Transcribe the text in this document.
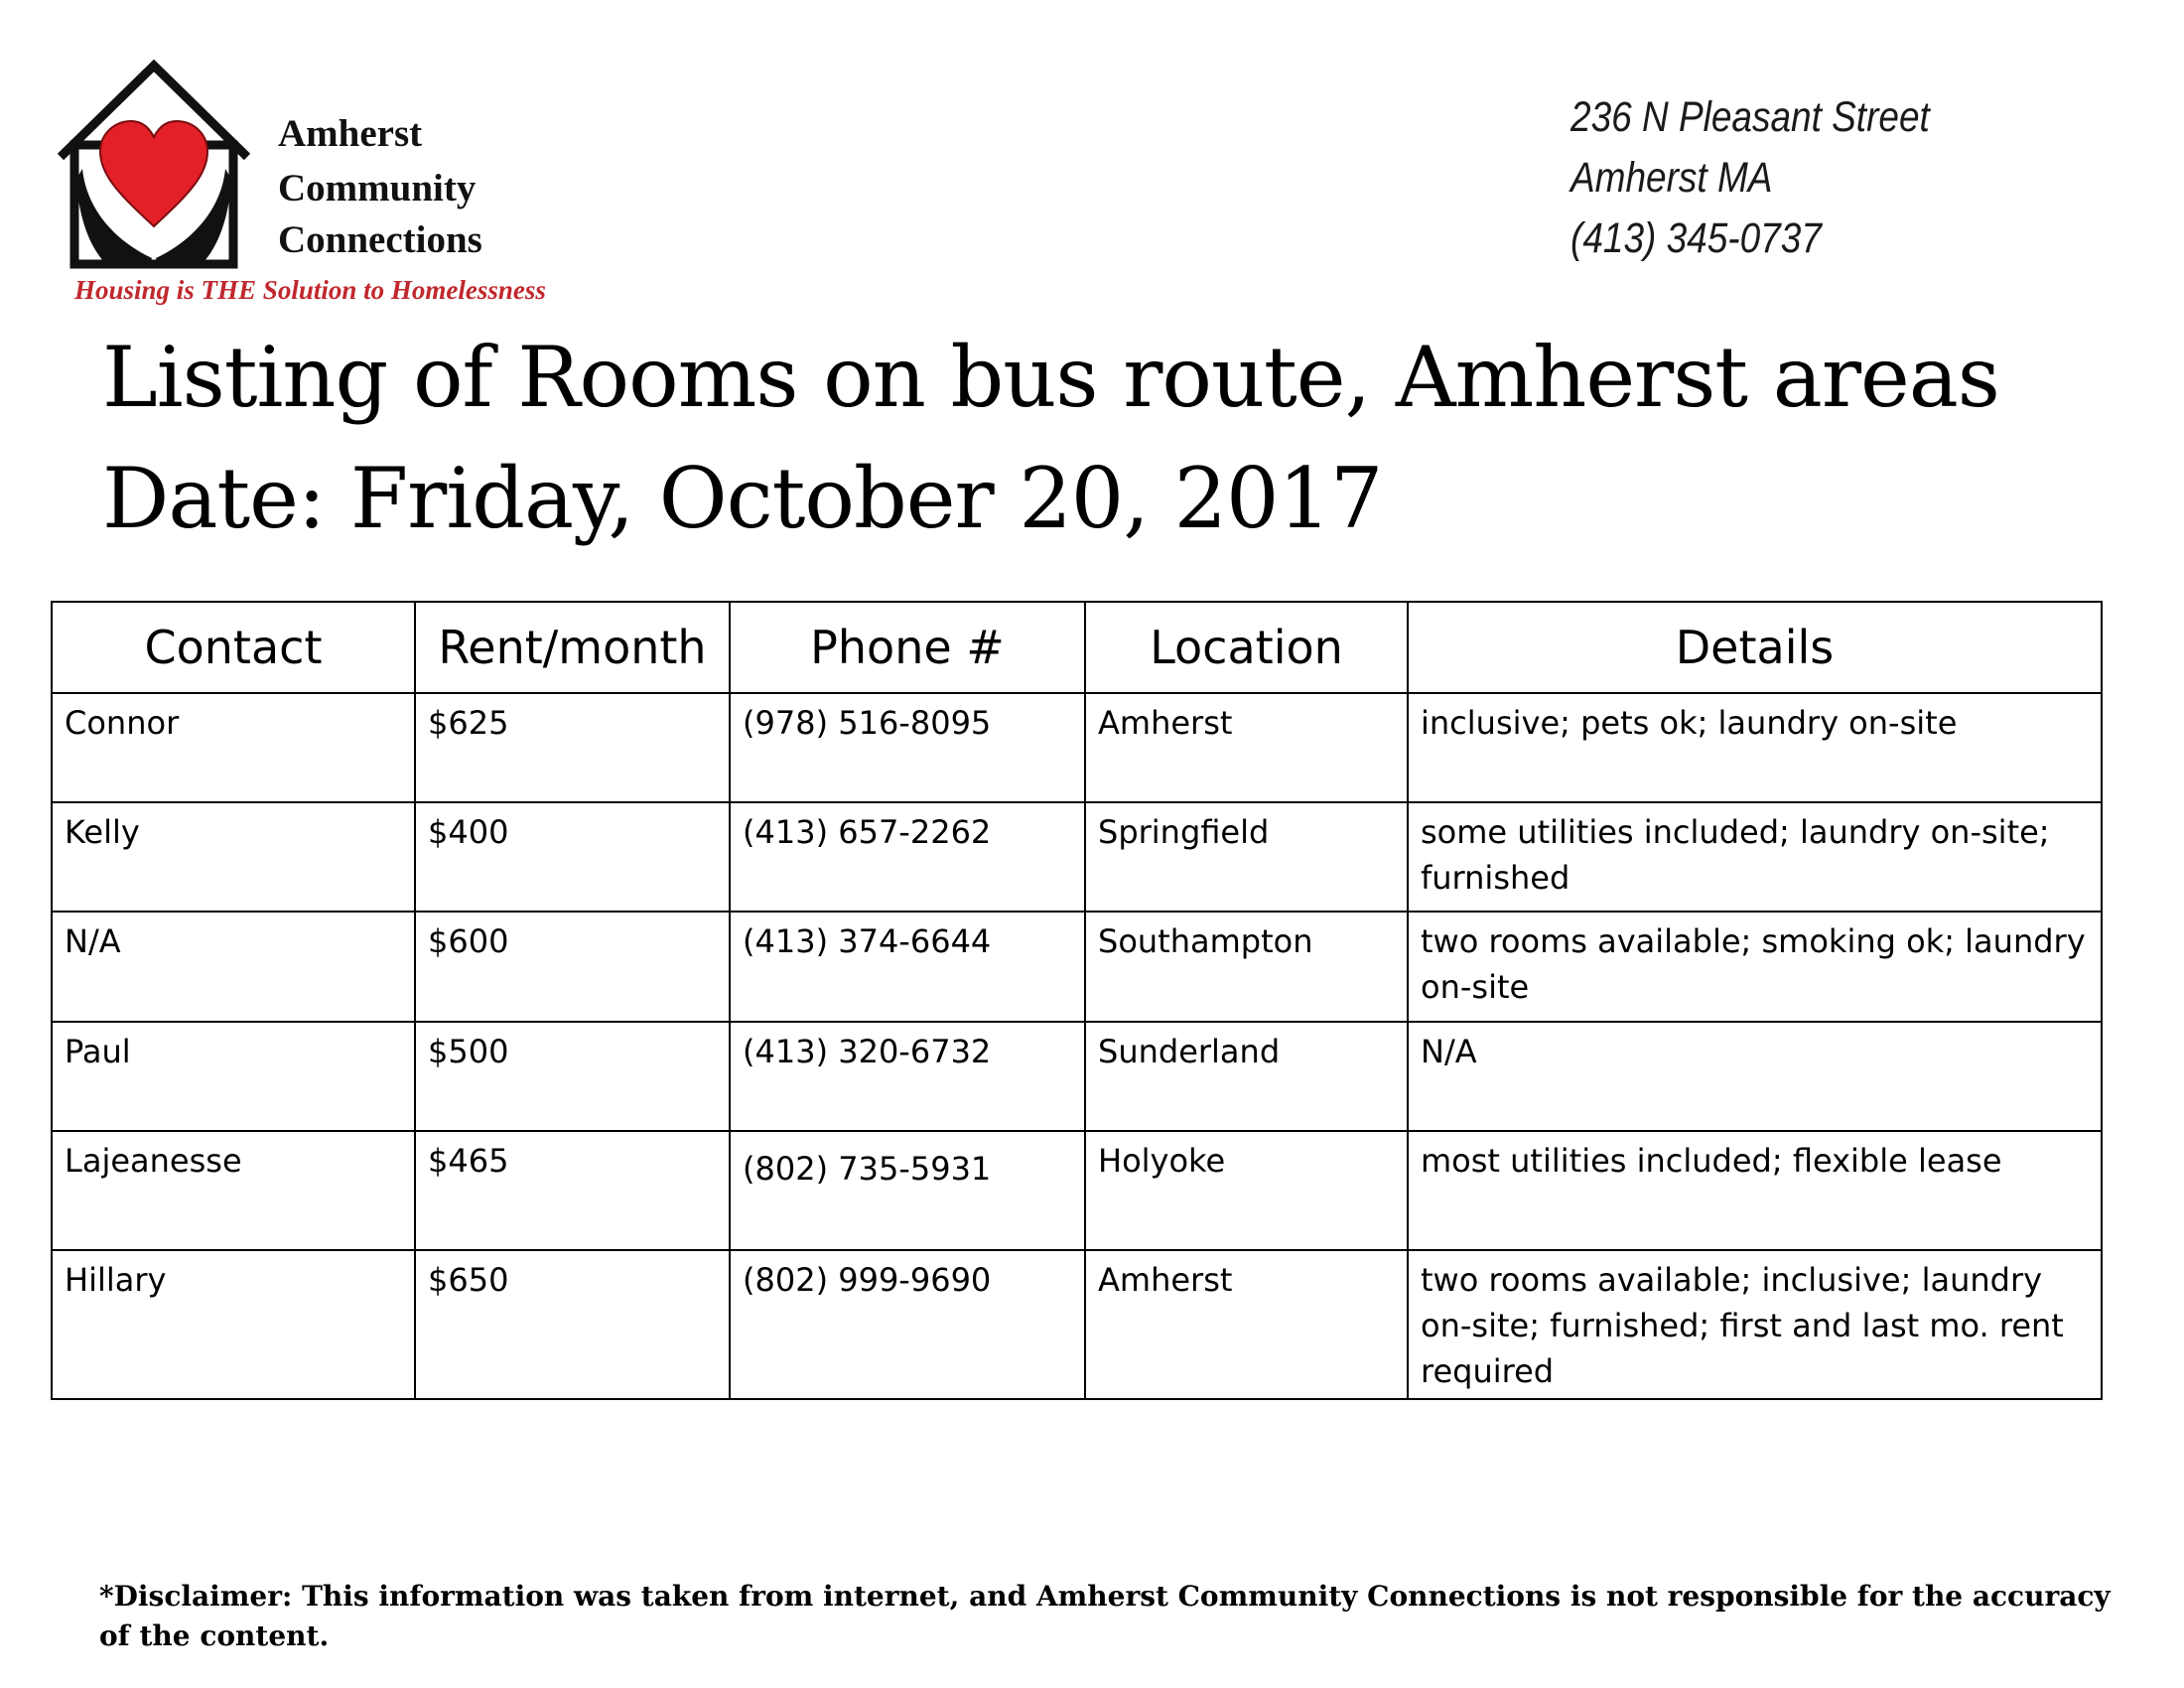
Amherst
Community
Connections
Housing is THE Solution to Homelessness
236 N Pleasant Street
Amherst MA
(413) 345-0737
Listing of Rooms on bus route, Amherst areas
Date: Friday, October 20, 2017
Contact	Rent/month	Phone #	Location	Details
Connor	$625	(978) 516-8095	Amherst	inclusive; pets ok; laundry on-site
Kelly	$400	(413) 657-2262	Springfield	some utilities included; laundry on-site; furnished
N/A	$600	(413) 374-6644	Southampton	two rooms available; smoking ok; laundry on-site
Paul	$500	(413) 320-6732	Sunderland	N/A
Lajeanesse	$465	(802) 735-5931	Holyoke	most utilities included; flexible lease
Hillary	$650	(802) 999-9690	Amherst	two rooms available; inclusive; laundry on-site; furnished; first and last mo. rent required
*Disclaimer: This information was taken from internet, and Amherst Community Connections is not responsible for the accuracy of the content.
